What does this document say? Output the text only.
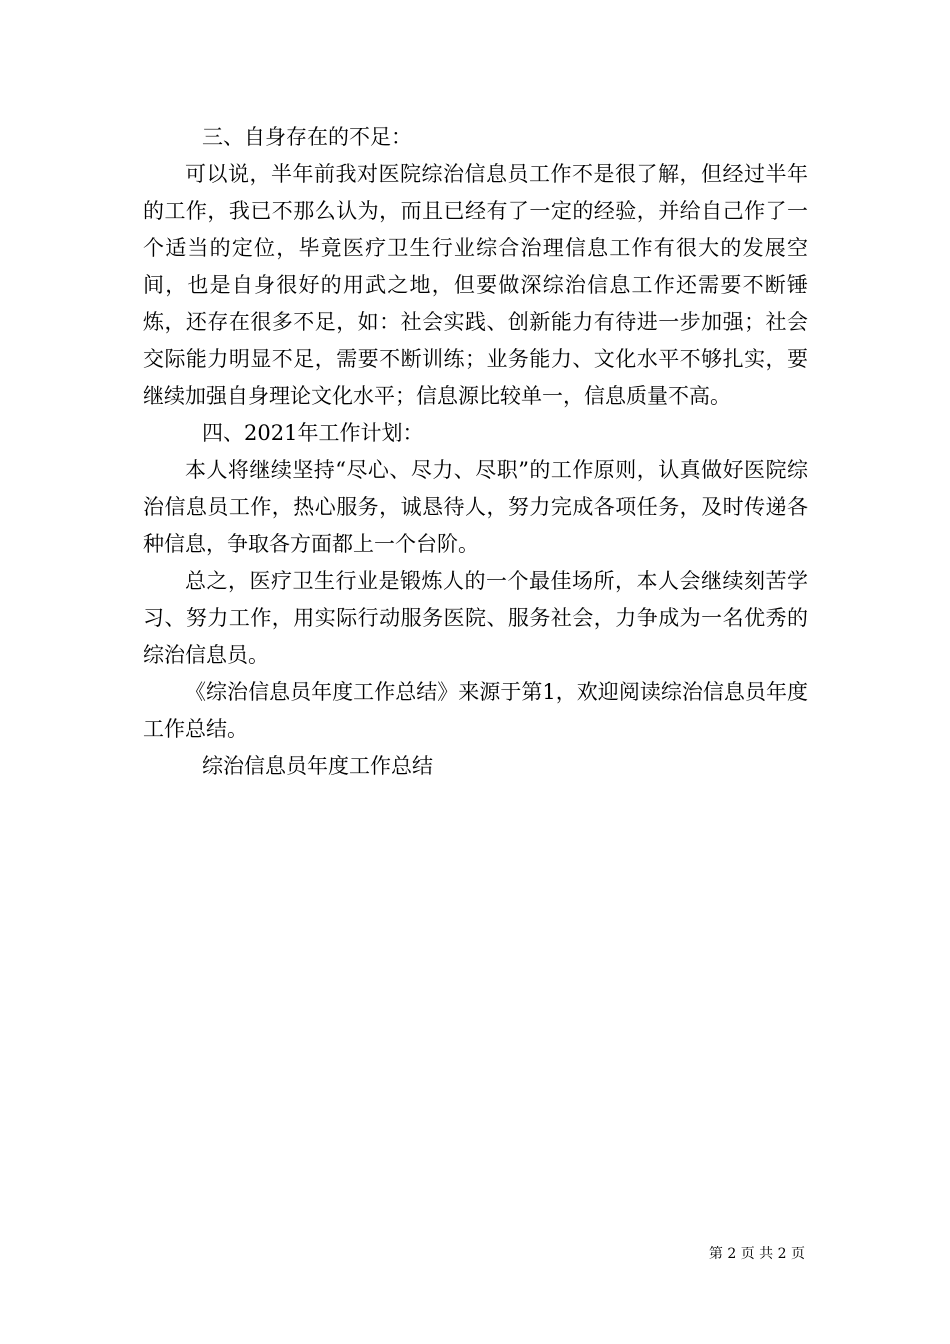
三、自身存在的不足：

可以说，半年前我对医院综治信息员工作不是很了解，但经过半年的工作，我已不那么认为，而且已经有了一定的经验，并给自己作了一个适当的定位，毕竟医疗卫生行业综合治理信息工作有很大的发展空间，也是自身很好的用武之地，但要做深综治信息工作还需要不断锤炼，还存在很多不足，如：社会实践、创新能力有待进一步加强；社会交际能力明显不足，需要不断训练；业务能力、文化水平不够扎实，要继续加强自身理论文化水平；信息源比较单一，信息质量不高。

四、2021年工作计划：

本人将继续坚持“尽心、尽力、尽职”的工作原则，认真做好医院综治信息员工作，热心服务，诚恳待人，努力完成各项任务，及时传递各种信息，争取各方面都上一个台阶。

总之，医疗卫生行业是锻炼人的一个最佳场所，本人会继续刻苦学习、努力工作，用实际行动服务医院、服务社会，力争成为一名优秀的综治信息员。

《综治信息员年度工作总结》来源于第1，欢迎阅读综治信息员年度工作总结。

综治信息员年度工作总结

第 2 页 共 2 页
